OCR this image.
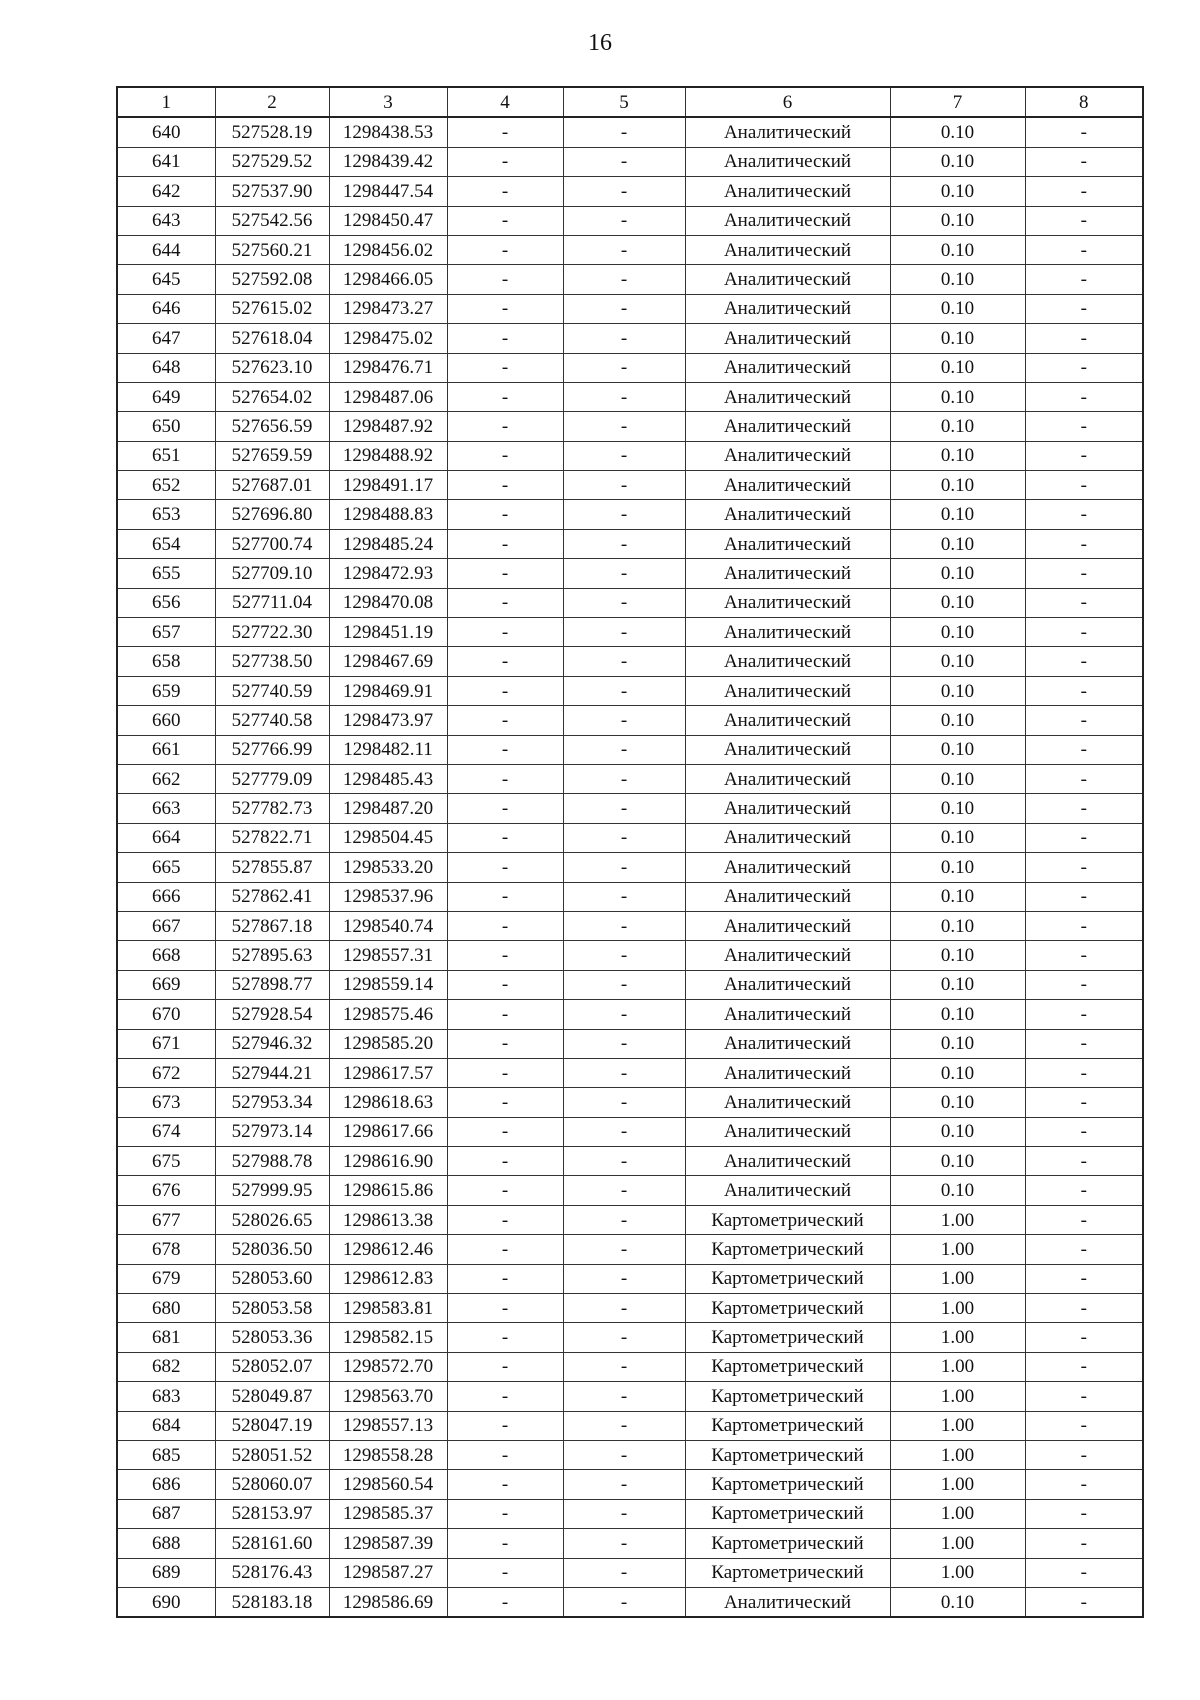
16
1	2	3	4	5	6	7	8
640	527528.19	1298438.53	-	-	Аналитический	0.10	-
641	527529.52	1298439.42	-	-	Аналитический	0.10	-
642	527537.90	1298447.54	-	-	Аналитический	0.10	-
643	527542.56	1298450.47	-	-	Аналитический	0.10	-
644	527560.21	1298456.02	-	-	Аналитический	0.10	-
645	527592.08	1298466.05	-	-	Аналитический	0.10	-
646	527615.02	1298473.27	-	-	Аналитический	0.10	-
647	527618.04	1298475.02	-	-	Аналитический	0.10	-
648	527623.10	1298476.71	-	-	Аналитический	0.10	-
649	527654.02	1298487.06	-	-	Аналитический	0.10	-
650	527656.59	1298487.92	-	-	Аналитический	0.10	-
651	527659.59	1298488.92	-	-	Аналитический	0.10	-
652	527687.01	1298491.17	-	-	Аналитический	0.10	-
653	527696.80	1298488.83	-	-	Аналитический	0.10	-
654	527700.74	1298485.24	-	-	Аналитический	0.10	-
655	527709.10	1298472.93	-	-	Аналитический	0.10	-
656	527711.04	1298470.08	-	-	Аналитический	0.10	-
657	527722.30	1298451.19	-	-	Аналитический	0.10	-
658	527738.50	1298467.69	-	-	Аналитический	0.10	-
659	527740.59	1298469.91	-	-	Аналитический	0.10	-
660	527740.58	1298473.97	-	-	Аналитический	0.10	-
661	527766.99	1298482.11	-	-	Аналитический	0.10	-
662	527779.09	1298485.43	-	-	Аналитический	0.10	-
663	527782.73	1298487.20	-	-	Аналитический	0.10	-
664	527822.71	1298504.45	-	-	Аналитический	0.10	-
665	527855.87	1298533.20	-	-	Аналитический	0.10	-
666	527862.41	1298537.96	-	-	Аналитический	0.10	-
667	527867.18	1298540.74	-	-	Аналитический	0.10	-
668	527895.63	1298557.31	-	-	Аналитический	0.10	-
669	527898.77	1298559.14	-	-	Аналитический	0.10	-
670	527928.54	1298575.46	-	-	Аналитический	0.10	-
671	527946.32	1298585.20	-	-	Аналитический	0.10	-
672	527944.21	1298617.57	-	-	Аналитический	0.10	-
673	527953.34	1298618.63	-	-	Аналитический	0.10	-
674	527973.14	1298617.66	-	-	Аналитический	0.10	-
675	527988.78	1298616.90	-	-	Аналитический	0.10	-
676	527999.95	1298615.86	-	-	Аналитический	0.10	-
677	528026.65	1298613.38	-	-	Картометрический	1.00	-
678	528036.50	1298612.46	-	-	Картометрический	1.00	-
679	528053.60	1298612.83	-	-	Картометрический	1.00	-
680	528053.58	1298583.81	-	-	Картометрический	1.00	-
681	528053.36	1298582.15	-	-	Картометрический	1.00	-
682	528052.07	1298572.70	-	-	Картометрический	1.00	-
683	528049.87	1298563.70	-	-	Картометрический	1.00	-
684	528047.19	1298557.13	-	-	Картометрический	1.00	-
685	528051.52	1298558.28	-	-	Картометрический	1.00	-
686	528060.07	1298560.54	-	-	Картометрический	1.00	-
687	528153.97	1298585.37	-	-	Картометрический	1.00	-
688	528161.60	1298587.39	-	-	Картометрический	1.00	-
689	528176.43	1298587.27	-	-	Картометрический	1.00	-
690	528183.18	1298586.69	-	-	Аналитический	0.10	-
